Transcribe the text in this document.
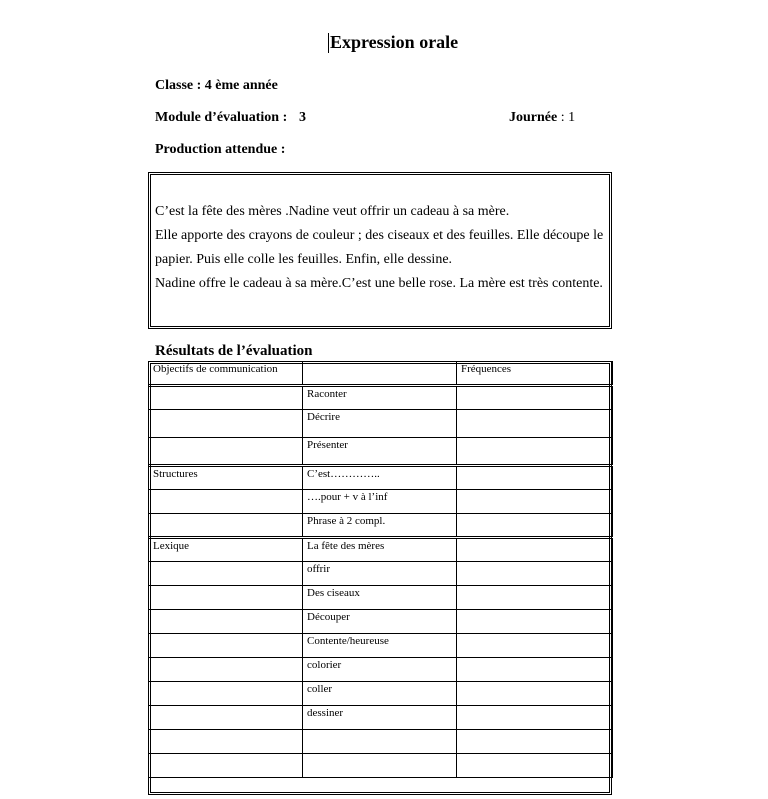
Expression orale
Classe : 4 ème année
Module d’évaluation : 3	Journée : 1
Production attendue :

C’est la fête des mères .Nadine veut offrir un cadeau à sa mère.

Elle apporte des crayons de couleur ; des ciseaux et des feuilles. Elle découpe le papier. Puis elle colle les feuilles. Enfin, elle dessine.

Nadine offre le cadeau à sa mère.C’est une belle rose. La mère est très contente.

Résultats de l’évaluation
Objectifs de communication		Fréquences
	Raconter	
	Décrire	
	Présenter	
Structures	C’est…………..	
	….pour + v à l’inf	
	Phrase à 2 compl.	
Lexique	La fête des mères	
	offrir	
	Des ciseaux	
	Découper	
	Contente/heureuse	
	colorier	
	coller	
	dessiner	
